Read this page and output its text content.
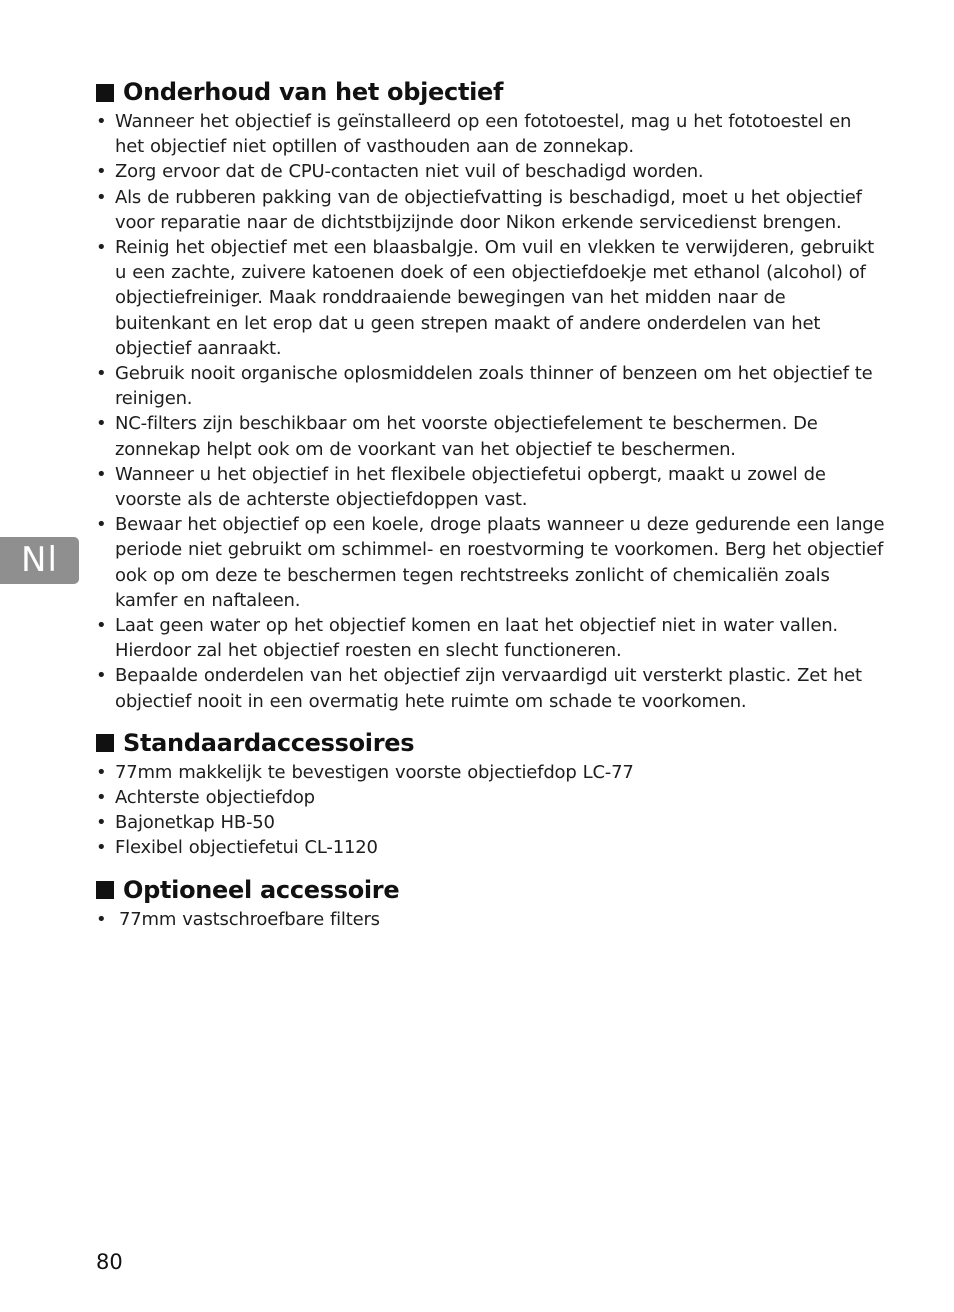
Nl
Onderhoud van het objectief
• Wanneer het objectief is geïnstalleerd op een fototoestel, mag u het fototoestel en het objectief niet optillen of vasthouden aan de zonnekap.
• Zorg ervoor dat de CPU-contacten niet vuil of beschadigd worden.
• Als de rubberen pakking van de objectiefvatting is beschadigd, moet u het objectief voor reparatie naar de dichtstbijzijnde door Nikon erkende servicedienst brengen.
• Reinig het objectief met een blaasbalgje. Om vuil en vlekken te verwijderen, gebruikt u een zachte, zuivere katoenen doek of een objectiefdoekje met ethanol (alcohol) of objectiefreiniger. Maak ronddraaiende bewegingen van het midden naar de buitenkant en let erop dat u geen strepen maakt of andere onderdelen van het objectief aanraakt.
• Gebruik nooit organische oplosmiddelen zoals thinner of benzeen om het objectief te reinigen.
• NC-filters zijn beschikbaar om het voorste objectiefelement te beschermen. De zonnekap helpt ook om de voorkant van het objectief te beschermen.
• Wanneer u het objectief in het flexibele objectiefetui opbergt, maakt u zowel de voorste als de achterste objectiefdoppen vast.
• Bewaar het objectief op een koele, droge plaats wanneer u deze gedurende een lange periode niet gebruikt om schimmel- en roestvorming te voorkomen. Berg het objectief ook op om deze te beschermen tegen rechtstreeks zonlicht of chemicaliën zoals kamfer en naftaleen.
• Laat geen water op het objectief komen en laat het objectief niet in water vallen. Hierdoor zal het objectief roesten en slecht functioneren.
• Bepaalde onderdelen van het objectief zijn vervaardigd uit versterkt plastic. Zet het objectief nooit in een overmatig hete ruimte om schade te voorkomen.
Standaardaccessoires
• 77mm makkelijk te bevestigen voorste objectiefdop LC-77
• Achterste objectiefdop
• Bajonetkap HB-50
• Flexibel objectiefetui CL-1120
Optioneel accessoire
• 77mm vastschroefbare filters
80
